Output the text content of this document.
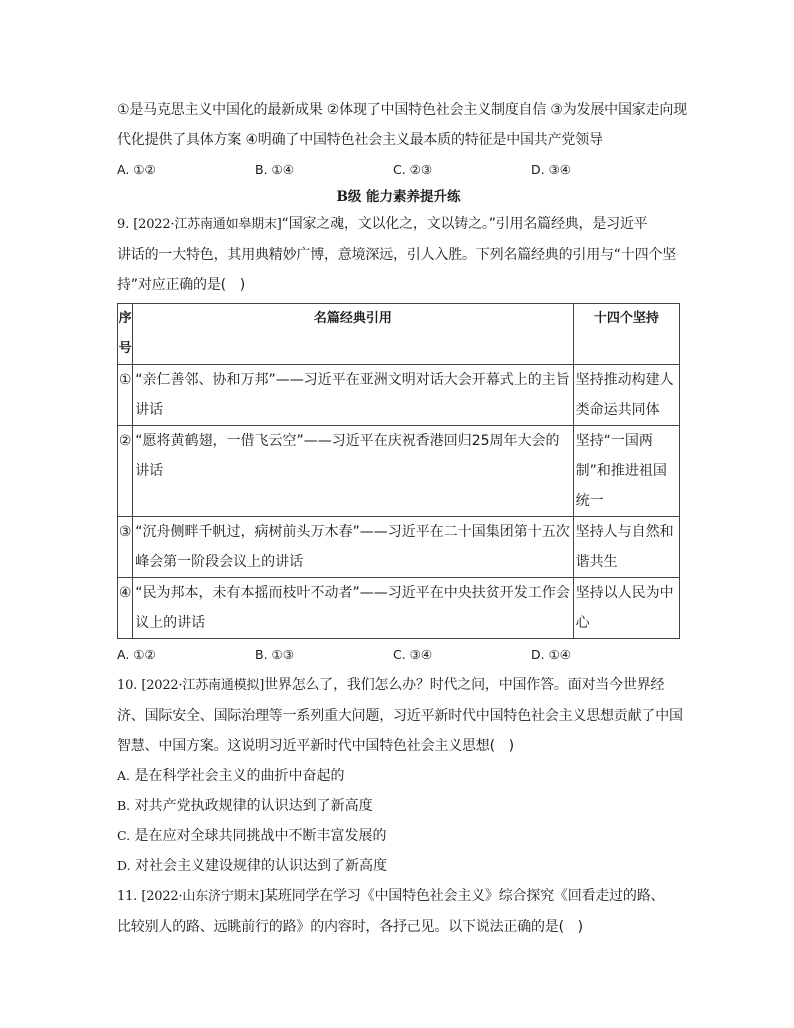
①是马克思主义中国化的最新成果 ②体现了中国特色社会主义制度自信 ③为发展中国家走向现
代化提供了具体方案 ④明确了中国特色社会主义最本质的特征是中国共产党领导
A. ①②	B. ①④	C. ②③	D. ③④
B级 能力素养提升练
9. [2022·江苏南通如皋期末]“国家之魂，文以化之，文以铸之。”引用名篇经典，是习近平
讲话的一大特色，其用典精妙广博，意境深远，引人入胜。下列名篇经典的引用与“十四个坚
持”对应正确的是(　)
序号	名篇经典引用	十四个坚持
①	“亲仁善邻、协和万邦”——习近平在亚洲文明对话大会开幕式上的主旨讲话	坚持推动构建人类命运共同体
②	“愿将黄鹤翅，一借飞云空”——习近平在庆祝香港回归25周年大会的讲话	坚持“一国两制”和推进祖国统一
③	“沉舟侧畔千帆过，病树前头万木春”——习近平在二十国集团第十五次峰会第一阶段会议上的讲话	坚持人与自然和谐共生
④	“民为邦本，未有本摇而枝叶不动者”——习近平在中央扶贫开发工作会议上的讲话	坚持以人民为中心
A. ①②	B. ①③	C. ③④	D. ①④
10. [2022·江苏南通模拟]世界怎么了，我们怎么办？时代之问，中国作答。面对当今世界经
济、国际安全、国际治理等一系列重大问题，习近平新时代中国特色社会主义思想贡献了中国
智慧、中国方案。这说明习近平新时代中国特色社会主义思想(　)
A. 是在科学社会主义的曲折中奋起的
B. 对共产党执政规律的认识达到了新高度
C. 是在应对全球共同挑战中不断丰富发展的
D. 对社会主义建设规律的认识达到了新高度
11. [2022·山东济宁期末]某班同学在学习《中国特色社会主义》综合探究《回看走过的路、
比较别人的路、远眺前行的路》的内容时，各抒己见。以下说法正确的是(　)
